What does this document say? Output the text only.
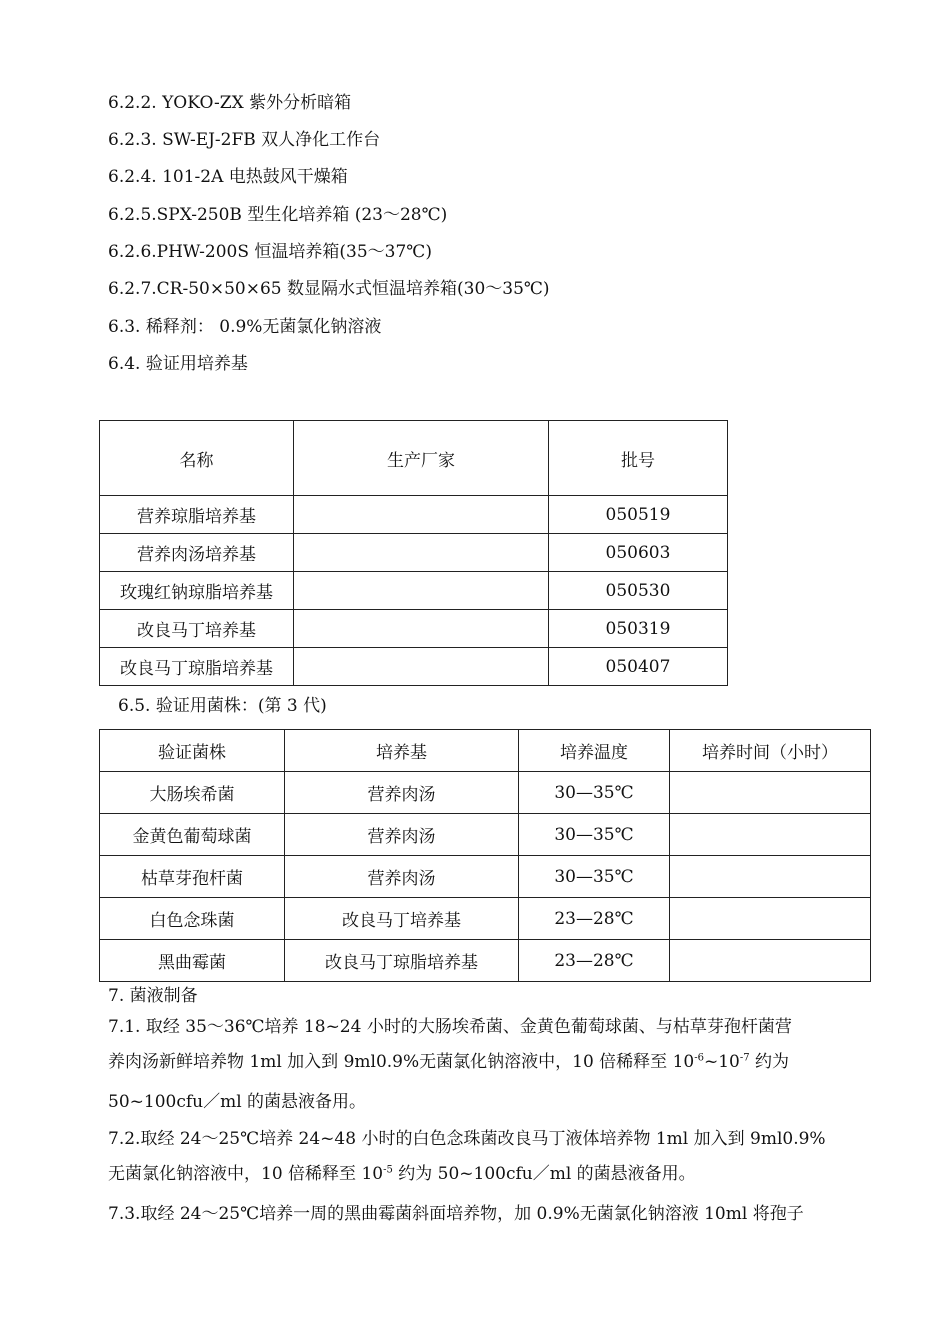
6.2.2. YOKO-ZX 紫外分析暗箱
6.2.3. SW-EJ-2FB 双人净化工作台
6.2.4. 101-2A 电热鼓风干燥箱
6.2.5.SPX-250B 型生化培养箱 (23～28℃)
6.2.6.PHW-200S 恒温培养箱(35～37℃)
6.2.7.CR-50×50×65 数显隔水式恒温培养箱(30～35℃)
6.3. 稀释剂： 0.9%无菌氯化钠溶液
6.4. 验证用培养基
名称	生产厂家	批号
营养琼脂培养基		050519
营养肉汤培养基		050603
玫瑰红钠琼脂培养基		050530
改良马丁培养基		050319
改良马丁琼脂培养基		050407
6.5. 验证用菌株：(第 3 代)
验证菌株	培养基	培养温度	培养时间（小时）
大肠埃希菌	营养肉汤	30—35℃	
金黄色葡萄球菌	营养肉汤	30—35℃	
枯草芽孢杆菌	营养肉汤	30—35℃	
白色念珠菌	改良马丁培养基	23—28℃	
黑曲霉菌	改良马丁琼脂培养基	23—28℃	
7. 菌液制备
7.1. 取经 35～36℃培养 18~24 小时的大肠埃希菌、金黄色葡萄球菌、与枯草芽孢杆菌营
养肉汤新鲜培养物 1ml 加入到 9ml0.9%无菌氯化钠溶液中，10 倍稀释至 $10^{-6}\sim 10^{-7}$ 约为
50~100cfu／ml 的菌悬液备用。
7.2.取经 24～25℃培养 24~48 小时的白色念珠菌改良马丁液体培养物 1ml 加入到 9ml0.9%
无菌氯化钠溶液中，10 倍稀释至 $10^{-5}$ 约为 50~100cfu／ml 的菌悬液备用。
7.3.取经 24～25℃培养一周的黑曲霉菌斜面培养物，加 0.9%无菌氯化钠溶液 10ml 将孢子
